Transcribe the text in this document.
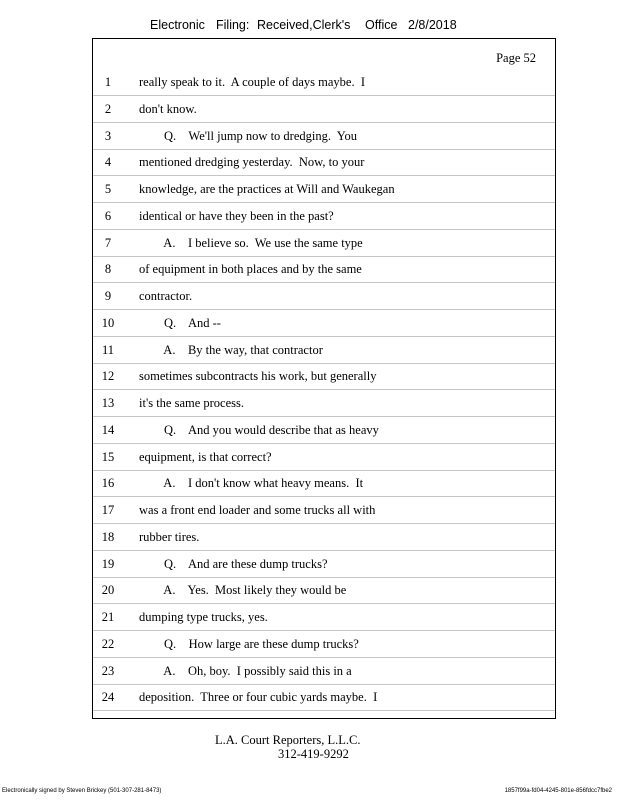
Electronic Filing: Received,Clerk's Office 2/8/2018
Page 52
1	really speak to it.  A couple of days maybe.  I
2	don't know.
3	Q.    We'll jump now to dredging.  You
4	mentioned dredging yesterday.  Now, to your
5	knowledge, are the practices at Will and Waukegan
6	identical or have they been in the past?
7	A.    I believe so.  We use the same type
8	of equipment in both places and by the same
9	contractor.
10	Q.    And --
11	A.    By the way, that contractor
12	sometimes subcontracts his work, but generally
13	it's the same process.
14	Q.    And you would describe that as heavy
15	equipment, is that correct?
16	A.    I don't know what heavy means.  It
17	was a front end loader and some trucks all with
18	rubber tires.
19	Q.    And are these dump trucks?
20	A.    Yes.  Most likely they would be
21	dumping type trucks, yes.
22	Q.    How large are these dump trucks?
23	A.    Oh, boy.  I possibly said this in a
24	deposition.  Three or four cubic yards maybe.  I
L.A. Court Reporters, L.L.C.
312-419-9292
Electronically signed by Steven Brickey (501-307-281-8473)	1857f99a-fd04-4245-801e-856fdcc7fbe2
